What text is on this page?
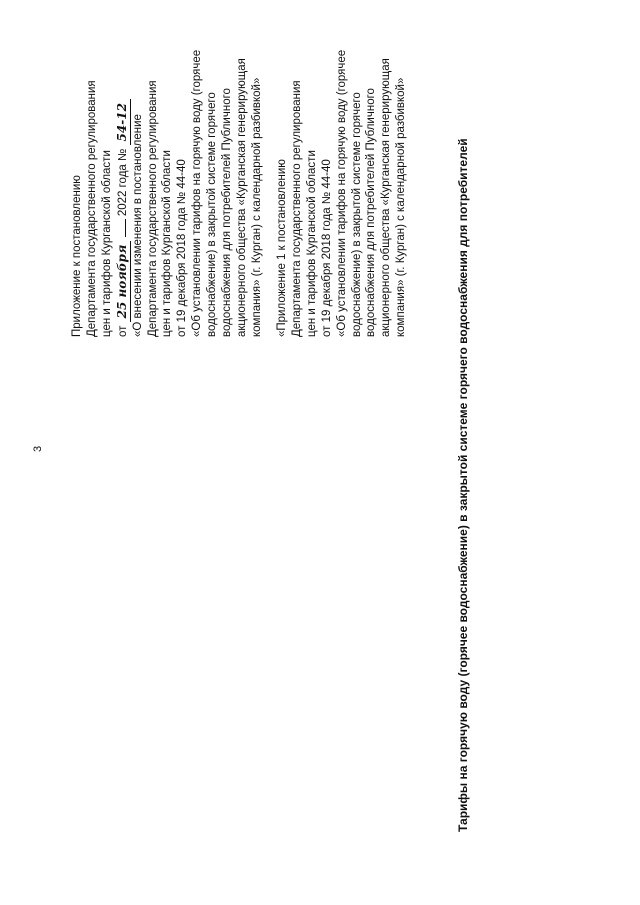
3
Приложение к постановлению Департамента государственного регулирования цен и тарифов Курганской области от 25 ноября  2022 года № 54-12 «О внесении изменения в постановление Департамента государственного регулирования цен и тарифов Курганской области от 19 декабря 2018 года № 44-40 «Об установлении тарифов на горячую воду (горячее водоснабжение) в закрытой системе горячего водоснабжения для потребителей Публичного акционерного общества «Курганская генерирующая компания» (г. Курган) с календарной разбивкой» «Приложение 1 к постановлению Департамента государственного регулирования цен и тарифов Курганской области от 19 декабря 2018 года № 44-40 «Об установлении тарифов на горячую воду (горячее водоснабжение) в закрытой системе горячего водоснабжения для потребителей Публичного акционерного общества «Курганская генерирующая компания» (г. Курган) с календарной разбивкой»	Тарифы на горячую воду (горячее водоснабжение) в закрытой системе горячего водоснабжения для потребителей
